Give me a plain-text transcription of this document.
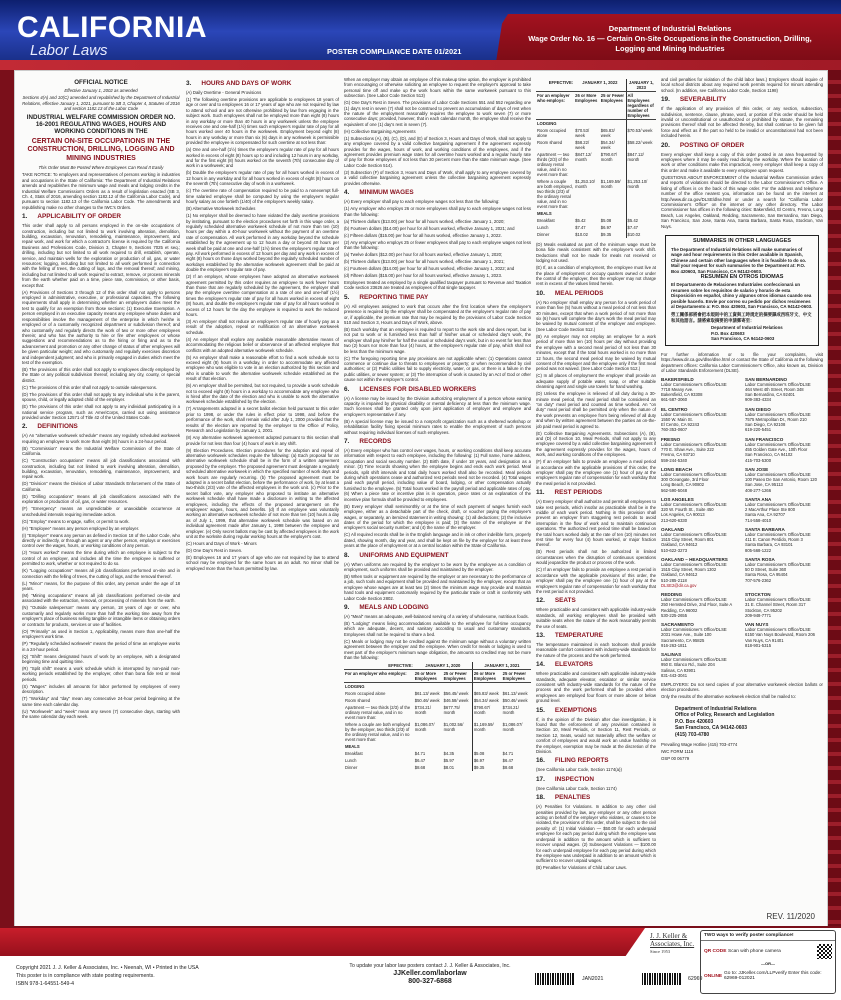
CALIFORNIA
Labor Laws	POSTER COMPLIANCE DATE 01/2021
Department of Industrial Relations
Wage Order No. 16 — Certain On-Site Occupations in the Construction, Drilling, Logging and Mining Industries
OFFICIAL NOTICE

Effective January 1, 2002 as amended

Sections 4(A) and 10(C) amended and republished by the Department of Industrial Relations, effective January 1, 2021, pursuant to SB 3, Chapter 4, Statutes of 2016 and section 1182.13 of the Labor Code

INDUSTRIAL WELFARE COMMISSION ORDER NO. 16-2001 REGULATING WAGES, HOURS AND WORKING CONDITIONS IN THE
CERTAIN ON-SITE OCCUPATIONS IN THE CONSTRUCTION, DRILLING, LOGGING AND MINING INDUSTRIES

This Order Must Be Posted Where Employees Can Read It Easily

TAKE NOTICE: To employers and representatives of persons working in industries and occupations in the State of California: The Department of Industrial Relations amends and republishes the minimum wage and meals and lodging credits in the Industrial Welfare Commission's Orders as a result of legislation enacted (SB 3, Ch. 4, Stats of 2016, amending section 1182.12 of the California Labor Code), and pursuant to section 1182.13 of the California Labor Code. The amendments and republishing make no other changes to the IWC's Orders.

1. APPLICABILITY OF ORDER

This order shall apply to all persons employed in the on-site occupations of construction, including but not limited to work involving alteration, demolition, building, excavation, renovation, remodeling, maintenance, improvement, and repair work, and work for which a contractor's license is required by the California Business and Professions Code, Division 3, Chapter 9, Sections 7025 et seq.; drilling, including but not limited to all work required to drill, establish, operate, service, and maintain wells for the exploration or production of oil, gas, or water resources; logging, including but not limited to all work performed in connection with the felling of trees, the cutting of logs, and the removal thereof; and mining, including but not limited to all work required to extract, remove, or process minerals from the earth whether paid on a time, piece rate, commission, or other basis, except that:

(A) Provisions of Sections 3 through 12 of this order shall not apply to persons employed in administrative, executive, or professional capacities. The following requirements shall apply in determining whether an employee's duties meet the test to qualify for an exemption from those sections: (1) Executive Exemption. A person employed in an executive capacity means any employee whose duties and responsibilities involve the management of the enterprise in which he/she is employed or of a customarily recognized department or subdivision thereof; and who customarily and regularly directs the work of two or more other employees therein; and who has the authority to hire or fire other employees or whose suggestions and recommendations as to the hiring or firing and as to the advancement and promotion or any other change of status of other employees will be given particular weight; and who customarily and regularly exercises discretion and independent judgment; and who is primarily engaged in duties which meet the test of the exemption.

(B) The provisions of this order shall not apply to employees directly employed by the State or any political subdivision thereof, including any city, county, or special district.

(C) The provisions of this order shall not apply to outside salespersons.

(D) The provisions of this order shall not apply to any individual who is the parent, spouse, child, or legally adopted child of the employer.

(E) The provisions of this order shall not apply to any individual participating in a national service program, such as AmeriCorps, carried out using assistance provided under Section 12571 of Title 42 of the United States Code.

2. DEFINITIONS

(A) An "alternative workweek schedule" means any regularly scheduled workweek requiring an employee to work more than eight (8) hours in a 24-hour period.

(B) "Commission" means the Industrial Welfare Commission of the State of California.

(C) "Construction occupations" means all job classifications associated with construction, including but not limited to work involving alteration, demolition, building, excavation, renovation, remodeling, maintenance, improvement, and repair work.

(D) "Division" means the Division of Labor Standards Enforcement of the State of California.

(E) "Drilling occupations" means all job classifications associated with the exploration or production of oil, gas, or water resources.

(F) "Emergency" means an unpredictable or unavoidable occurrence at unscheduled intervals requiring immediate action.

(G) "Employ" means to engage, suffer, or permit to work.

(H) "Employee" means any person employed by an employer.

(I) "Employer" means any person as defined in Section 18 of the Labor Code, who directly or indirectly, or through an agent or any other person, employs or exercises control over the wages, hours, or working conditions of any person.

(J) "Hours worked" means the time during which an employee is subject to the control of an employer, and includes all the time the employee is suffered or permitted to work, whether or not required to do so.

(K) "Logging occupations" means all job classifications performed on-site and in connection with the felling of trees, the cutting of logs, and the removal thereof.

(L) "Minor" means, for the purpose of this order, any person under the age of 18 years.

(M) "Mining occupations" means all job classifications performed on-site and associated with the extraction, removal, or processing of minerals from the earth.

(N) "Outside salesperson" means any person, 18 years of age or over, who customarily and regularly works more than half the working time away from the employer's place of business selling tangible or intangible items or obtaining orders or contracts for products, services or use of facilities.

(O) "Primarily" as used in Section 1, Applicability, means more than one-half the employee's work time.

(P) "Regularly scheduled workweek" means the period of time an employee works in a 24-hour period.

(Q) "Shift" means designated hours of work by an employee, with a designated beginning time and quitting time.

(R) "Split shift" means a work schedule which is interrupted by non-paid non-working periods established by the employer, other than bona fide rest or meal periods.

(S) "Wages" includes all amounts for labor performed by employees of every description.

(T) "Workday" and "day" mean any consecutive 24-hour period beginning at the same time each calendar day.

(U) "Workweek" and "week" mean any seven (7) consecutive days, starting with the same calendar day each week.

3. HOURS AND DAYS OF WORK

(A) Daily Overtime - General Provisions

(1) The following overtime provisions are applicable to employees 18 years of age or over and to employees 16 or 17 years of age who are not required by law to attend school and are not otherwise prohibited by law from engaging in the subject work. Such employees shall not be employed more than eight (8) hours in any workday or more than 40 hours in any workweek unless the employee receives one and one-half (1½) times such employee's regular rate of pay for all hours worked over 40 hours in the workweek. Employment beyond eight (8) hours in any workday or more than six (6) days in any workweek is permissible provided the employee is compensated for such overtime at not less than:

(a) One and one-half (1½) times the employee's regular rate of pay for all hours worked in excess of eight (8) hours up to and including 12 hours in any workday, and for the first eight (8) hours worked on the seventh (7th) consecutive day of work in a workweek; and

(b) Double the employee's regular rate of pay for all hours worked in excess of 12 hours in any workday and for all hours worked in excess of eight (8) hours on the seventh (7th) consecutive day of work in a workweek.

(c) The overtime rate of compensation required to be paid to a nonexempt full-time salaried employee shall be computed by using the employee's regular hourly salary as one fortieth (1/40) of the employee's weekly salary.

(B) Alternative Workweek Schedules

(1) No employer shall be deemed to have violated the daily overtime provisions by instituting, pursuant to the election procedures set forth in this wage order, a regularly scheduled alternative workweek schedule of not more than ten (10) hours per day within a 40-hour workweek without the payment of an overtime rate of compensation. All work performed in any workday beyond the schedule established by the agreement up to 12 hours a day or beyond 40 hours per week shall be paid at one and one-half (1½) times the employee's regular rate of pay. All work performed in excess of 12 hours per day and any work in excess of eight (8) hours on those days worked beyond the regularly scheduled number of workdays established by the alternative workweek agreement shall be paid at double the employee's regular rate of pay.

(2) If an employer, whose employees have adopted an alternative workweek agreement permitted by this order requires an employee to work fewer hours than those that are regularly scheduled by the agreement, the employer shall pay the employee overtime compensation at a rate of one and one-half (1½) times the employee's regular rate of pay for all hours worked in excess of eight (8) hours, and double the employee's regular rate of pay for all hours worked in excess of 12 hours for the day the employee is required to work the reduced hours.

(3) An employer shall not reduce an employee's regular rate of hourly pay as a result of the adoption, repeal or nullification of an alternative workweek schedule.

(4) An employer shall explore any available reasonable alternative means of accommodating the religious belief or observance of an affected employee that conflicts with an adopted alternative workweek schedule.

(5) An employer shall make a reasonable effort to find a work schedule not to exceed eight (8) hours in a workday, in order to accommodate any affected employee who was eligible to vote in an election authorized by this section and who is unable to work the alternative workweek schedule established as the result of that election.

(6) An employer shall be permitted, but not required, to provide a work schedule not to exceed eight (8) hours in a workday to accommodate any employee who is hired after the date of the election and who is unable to work the alternative workweek schedule established by the election.

(7) Arrangements adopted in a secret ballot election held pursuant to this order prior to 1998, or under the rules in effect prior to 1998, and before the performance of the work, shall remain valid after July 1, 2000 provided that the results of the election are reported by the employer to the Office of Policy, Research and Legislation by January 1, 2001.

(8) Any alternative workweek agreement adopted pursuant to this section shall provide for not less than four (4) hours of work in any shift.

(9) Election Procedures. Election procedures for the adoption and repeal of alternative workweek schedules require the following: (a) Each proposal for an alternative workweek schedule shall be in the form of a written agreement proposed by the employer. The proposed agreement must designate a regularly scheduled alternative workweek in which the specified number of work days and work hours are regularly recurring. (b) The proposed agreement must be adopted in a secret ballot election, before the performance of work, by at least a two-thirds (2/3) vote of the affected employees in the work unit. (c) Prior to the secret ballot vote, any employer who proposed to institute an alternative workweek schedule shall have made a disclosure in writing to the affected employees, including the effects of the proposed arrangement on the employees' wages, hours, and benefits. (d) If an employee was voluntarily working an alternative workweek schedule of not more than ten (10) hours a day as of July 1, 1999, that alternative workweek schedule was based on an individual agreement made after January 1, 1998 between the employee and employer. (e) Only secret ballots may be cast by affected employees in the work unit at the worksite during regular working hours at the employer's cost.

(C) Hours and Days of Work - Minors

(D) One Day's Rest in Seven.

(E) Employees 16 and 17 years of age who are not required by law to attend school may be employed for the same hours as an adult. No minor shall be employed more than the hours permitted by law.

When an employer may obtain an employee of this makeup time option, the employer is prohibited from encouraging or otherwise soliciting an employee to request the employer's approval to take personal time off and make up the work hours within the same workweek pursuant to this subsection. (See Labor Code Section 513)

(G) One Day's Rest in Seven. The provisions of Labor Code Sections 551 and 552 regarding one (1) day's rest in seven (7) shall not be construed to prevent an accumulation of days of rest when the nature of the employment reasonably requires the employee to work seven (7) or more consecutive days; provided, however, that in each calendar month, the employee shall receive the equivalent of one (1) day's rest in seven (7).

(H) Collective Bargaining Agreements

(1) Subsections (A), (B), (C), (D), and (E) of Section 3, Hours and Days of Work, shall not apply to any employee covered by a valid collective bargaining agreement if the agreement expressly provides for the wages, hours of work, and working conditions of the employees, and if the agreement provides premium wage rates for all overtime hours worked and a regular hourly rate of pay for those employees of not less than 30 percent more than the state minimum wage. (See Labor Code Section 514).

(2) Subsection (F) of Section 3, Hours and Days of Work, shall apply to any employee covered by a valid collective bargaining agreement unless the collective bargaining agreement expressly provides otherwise.

4. MINIMUM WAGES

(A) Every employer shall pay to each employee wages not less than the following:

(1) Any employer who employs 26 or more employees shall pay to each employee wages not less than the following:

(a) Thirteen dollars ($13.00) per hour for all hours worked, effective January 1, 2020;

(b) Fourteen dollars ($14.00) per hour for all hours worked, effective January 1, 2021; and

(c) Fifteen dollars ($15.00) per hour for all hours worked, effective January 1, 2022.

(2) Any employer who employs 25 or fewer employees shall pay to each employee wages not less than the following:

(a) Twelve dollars ($12.00) per hour for all hours worked, effective January 1, 2020;

(b) Thirteen dollars ($13.00) per hour for all hours worked, effective January 1, 2021;

(c) Fourteen dollars ($14.00) per hour for all hours worked, effective January 1, 2022; and

(d) Fifteen dollars ($15.00) per hour for all hours worked, effective January 1, 2023.

Employees treated as employed by a single qualified taxpayer pursuant to Revenue and Taxation Code section 23626 are treated as employees of that single taxpayer.

5. REPORTING TIME PAY

(A) All employees assigned to work that occurs after the first location where the employee's presence is required by the employer shall be compensated at the employee's regular rate of pay or, if applicable, the premium rate that may be required by the provisions of Labor Code Section 510 and Section 3, Hours and Days of Work, above.

(B) Each workday that an employee is required to report to the work site and does report, but is not put to work or is furnished less than half of his/her usual or scheduled day's work, the employer shall pay him/her for half the usual or scheduled day's work, but in no event for less than two (2) hours nor more than four (4) hours, at the employee's regular rate of pay, which shall not be less than the minimum wage.

(C) The foregoing reporting time pay provisions are not applicable when: (1) Operations cannot commence or continue due to threats to employees or property; or when recommended by civil authorities; or (2) Public utilities fail to supply electricity, water, or gas, or there is a failure in the public utilities, or sewer system; or (3) The interruption of work is caused by an Act of God or other cause not within the employer's control.

6. LICENSES FOR DISABLED WORKERS

(A) A license may be issued by the Division authorizing employment of a person whose earning capacity is impaired by physical disability or mental deficiency at less than the minimum wage. Such licenses shall be granted only upon joint application of employer and employee and employee's representative if any.

(B) A special license may be issued to a nonprofit organization such as a sheltered workshop or rehabilitation facility fixing special minimum rates to enable the employment of such persons without requiring individual licenses of such employees.

7. RECORDS

(A) Every employer who has control over wages, hours, or working conditions shall keep accurate information with respect to each employee, including the following: (1) Full name, home address, occupation and social security number. (2) Birth date, if under 18 years, and designation as a minor. (3) Time records showing when the employee begins and ends each work period. Meal periods, split shift intervals and total daily hours worked shall also be recorded. Meal periods during which operations cease and authorized rest periods need not be recorded. (4) Total wages paid each payroll period, including value of board, lodging, or other compensation actually furnished to the employee. (5) Total hours worked in the payroll period and applicable rates of pay. (6) When a piece rate or incentive plan is in operation, piece rates or an explanation of the incentive plan formula shall be provided to employees.

(B) Every employer shall semimonthly or at the time of each payment of wages furnish each employee, either as a detachable part of the check, draft, or voucher paying the employee's wages, or separately, an itemized statement in writing showing: (1) all deductions; (2) the inclusive dates of the period for which the employee is paid; (3) the name of the employee or the employee's social security number; and (4) the name of the employer.

(C) All required records shall be in the English language and in ink or other indelible form, properly dated, showing month, day and year, and shall be kept on file by the employer for at least three years at the place of employment or at a central location within the State of California.

8. UNIFORMS AND EQUIPMENT

(A) When uniforms are required by the employer to be worn by the employee as a condition of employment, such uniforms shall be provided and maintained by the employer.

(B) When tools or equipment are required by the employer or are necessary to the performance of a job, such tools and equipment shall be provided and maintained by the employer, except that an employee whose wages are at least two (2) times the minimum wage may provide and maintain hand tools and equipment customarily required by the particular trade or craft in conformity with Labor Code Section 2802.

9. MEALS AND LODGING

(A) "Meal" means an adequate, well-balanced serving of a variety of wholesome, nutritious foods.

(B) "Lodging" means living accommodations available to the employee for full-time occupancy which are adequate, decent, and sanitary according to usual and customary standards. Employees shall not be required to share a bed.

(C) Meals or lodging may not be credited against the minimum wage without a voluntary written agreement between the employer and the employee. When credit for meals or lodging is used to meet part of the employer's minimum wage obligation, the amounts so credited may not be more than the following:

EFFECTIVE:	JANUARY 1, 2020		JANUARY 1, 2021	
For an employer who employs:	26 or More Employees	25 or Fewer Employees	26 or More Employees	25 or Fewer Employees
LODGING				
Room occupied alone	$61.13/ week	$56.45/ week	$65.83/ week	$61.13/ week
Room shared	$50.46/ week	$46.58/ week	$54.34/ week	$50.46/ week
Apartment — two thirds (2/3) of the ordinary rental value, and in no event more than:	$734.21/ month	$677.75/ month	$790.67/ month	$734.21/ month
Where a couple are both employed by the employer, two thirds (2/3) of the ordinary rental value, and in no event more than:	$1,086.07/ month	$1,002.56/ month	$1,169.59/ month	$1,086.07/ month
MEALS				
Breakfast	$4.71	$4.35	$5.08	$4.71
Lunch	$6.47	$5.97	$6.97	$6.47
Dinner	$8.68	$8.01	$9.35	$8.68
EFFECTIVE:	JANUARY 1, 2022		JANUARY 1, 2023
For an employer who employs:	26 or More Employees	25 or Fewer Employees	All Employees regardless of number of Employees
LODGING			
Room occupied alone	$70.53/ week	$65.83/ week	$70.53/ week
Room shared	$58.22/ week	$54.34/ week	$58.22/ week
Apartment — two thirds (2/3) of the ordinary rental value, and in no event more than:	$847.12/ month	$790.67/ month	$847.12/ month
Where a couple are both employed, two thirds (2/3) of the ordinary rental value, and in no event more than:	$1,253.10/ month	$1,169.59/ month	$1,253.10/ month
MEALS			
Breakfast	$5.42	$5.08	$5.42
Lunch	$7.47	$6.97	$7.47
Dinner	$10.02	$9.35	$10.02

(D) Meals evaluated as part of the minimum wage must be bona fide meals consistent with the employee's work shift. Deductions shall not be made for meals not received or lodging not used.

(E) If, as a condition of employment, the employee must live at the place of employment or occupy quarters owned or under the control of the employer, then the employer may not charge rent in excess of the values listed herein.

10. MEAL PERIODS

(A) No employer shall employ any person for a work period of more than five (5) hours without a meal period of not less than 30 minutes, except that when a work period of not more than six (6) hours will complete the day's work the meal period may be waived by mutual consent of the employer and employee. (See Labor Code Section 512.)

(B) An employer may not employ an employee for a work period of more than ten (10) hours per day without providing the employee with a second meal period of not less than 30 minutes, except that if the total hours worked is no more than 12 hours, the second meal period may be waived by mutual consent of the employer and the employee only if the first meal period was not waived. (See Labor Code Section 512.)

(C) In all places of employment the employer shall provide an adequate supply of potable water, soap, or other suitable cleansing agent and single use towels for hand washing.

(D) Unless the employee is relieved of all duty during a 30-minute meal period, the meal period shall be considered an "on duty" meal period and counted as time worked. An "on duty" meal period shall be permitted only when the nature of the work prevents an employee from being relieved of all duty and when by written agreement between the parties an on-the-job paid meal period is agreed to.

(E) Collective Bargaining Agreements. Subsections (A), (B), and (D) of Section 10, Meal Periods, shall not apply to any employee covered by a valid collective bargaining agreement if the agreement expressly provides for the wages, hours of work, and working conditions of the employees.

(F) If an employer fails to provide an employee a meal period in accordance with the applicable provisions of this order, the employer shall pay the employee one (1) hour of pay at the employee's regular rate of compensation for each workday that the meal period is not provided.

11. REST PERIODS

(A) Every employer shall authorize and permit all employees to take rest periods, which insofar as practicable shall be in the middle of each work period. Nothing in this provision shall prevent an employer from staggering rest periods to avoid interruption in the flow of work and to maintain continuous operations. The authorized rest period time shall be based on the total hours worked daily at the rate of ten (10) minutes net rest time for every four (4) hours worked, or major fraction thereof.

(B) Rest periods shall not be authorized in limited circumstances when the disruption of continuous operations would jeopardize the product or process of the work.

(C) If an employer fails to provide an employee a rest period in accordance with the applicable provisions of this order, the employer shall pay the employee one (1) hour of pay at the employee's regular rate of compensation for each workday that the rest period is not provided.

12. SEATS

Where practicable and consistent with applicable industry-wide standards, all working employees shall be provided with suitable seats when the nature of the work reasonably permits the use of seats.

13. TEMPERATURE

The temperature maintained in each toolroom shall provide reasonable comfort consistent with industry-wide standards for the nature of the process and the work performed.

14. ELEVATORS

Where practicable and consistent with applicable industry-wide standards, adequate elevator, escalator or similar service consistent with industry-wide standards for the nature of the process and the work performed shall be provided when employees are employed four floors or more above or below ground level.

15. EXEMPTIONS

If, in the opinion of the Division after due investigation, it is found that the enforcement of any provision contained in Section 10, Meal Periods, or Section 11, Rest Periods, or Section 12, Seats, would not materially affect the welfare or comfort of employees and would work an undue hardship on the employer, exemption may be made at the discretion of the Division.

16. FILING REPORTS

(See California Labor Code, Section 1174(a))

17. INSPECTION

(See California Labor Code, Section 1174)

18. PENALTIES

(A) Penalties for Violations. In addition to any other civil penalties provided by law, any employer or any other person acting on behalf of the employer who violates, or causes to be violated, the provisions of this order, shall be subject to the civil penalty of: (1) Initial Violation — $50.00 for each underpaid employee for each pay period during which the employee was underpaid in addition to the amount which is sufficient to recover unpaid wages. (2) Subsequent Violations — $100.00 for each underpaid employee for each pay period during which the employee was underpaid in addition to an amount which is sufficient to recover unpaid wages.

(B) Penalties for Violations of Child Labor Laws.

and civil penalties for violation of the child labor laws.) Employers should inquire of local school districts about any required work permits required for minors attending school. (In addition, see California Labor Code, Section 1198)

19. SEVERABILITY

If the application of any provision of this order, or any section, subsection, subdivision, sentence, clause, phrase, word, or portion of this order should be held invalid or unconstitutional or unauthorized or prohibited by statute, the remaining provisions thereof shall not be affected thereby, but shall continue to be given full force and effect as if the part so held to be invalid or unconstitutional had not been included herein.

20. POSTING OF ORDER

Every employer shall keep a copy of this order posted in an area frequented by employees where it may be easily read during the workday. Where the location of work or other conditions make this impractical, every employer shall keep a copy of this order and make it available to every employee upon request.

QUESTIONS ABOUT ENFORCEMENT of the Industrial Welfare Commission orders and reports of violations should be directed to the Labor Commissioner's Office. A listing of offices is on the back of this wage order. For the address and telephone number of the office nearest you, information can be found on the internet at http://www.dir.ca.gov/DLSE/dlse.html or under a search for "California Labor Commissioner's Office" on the internet or any other directory. The Labor Commissioner has offices in the following cities: Bakersfield, El Centro, Fresno, Long Beach, Los Angeles, Oakland, Redding, Sacramento, San Bernardino, San Diego, San Francisco, San Jose, Santa Ana, Santa Barbara, Santa Rosa, Stockton, Van Nuys.

SUMMARIES IN OTHER LANGUAGES
The Department of Industrial Relations will make summaries of wage and hour requirements in this Order available in Spanish, Chinese and certain other languages when it is feasible to do so. Mail your request for such summaries to the Department at: P.O. Box 420603, San Francisco, CA 94142-0603.
RESUMEN EN OTROS IDIOMAS
El Departamento de Relaciones Industriales confeccionará un resumen sobre los requisitos de salario y horario de esta Disposición en español, chino y algunos otros idiomas cuando sea posible hacerlo. Envíe por correo su pedido por dichos resúmenes al Departamento a: P.O. Box 420603, San Francisco, CA 94142-0603.
勞工關係部將會把本規則中的工資與工時規定的摘要譯成西班牙文、中文和其他語言。請將索取摘要的申請郵寄至：
Department of Industrial Relations
P.O. Box 420603
San Francisco, CA 94142-0603

For further information or to file your complaints, visit https://www.dir.ca.gov/dlse/dlse.html or contact the State of California at the following department offices: California Labor Commissioner's Office, also known as, Division of Labor Standards Enforcement (DLSE).

BAKERSFIELD
Labor Commissioner's Office/DLSE
7718 Meany Ave.
Bakersfield, CA 93308
661-587-3060
SAN BERNARDINO
Labor Commissioner's Office/DLSE
464 West 4th Street, Room 348
San Bernardino, CA 92401
909-383-4334
EL CENTRO
Labor Commissioner's Office/DLSE
1550 W. Main St.
El Centro, CA 92243
760-353-0607
SAN DIEGO
Labor Commissioner's Office/DLSE
7575 Metropolitan Dr., Room 210
San Diego, CA 92108
619-220-5451
FRESNO
Labor Commissioner's Office/DLSE
770 E. Shaw Ave., Suite 222
Fresno, CA 93710
559-244-5340
SAN FRANCISCO
Labor Commissioner's Office/DLSE
455 Golden Gate Ave., 10th Floor
San Francisco, CA 94102
415-703-5300
LONG BEACH
Labor Commissioner's Office/DLSE
300 Oceangate, 3rd Floor
Long Beach, CA 90802
562-590-5048
SAN JOSE
Labor Commissioner's Office/DLSE
100 Paseo De San Antonio, Room 120
San Jose, CA 95113
408-277-1266
LOS ANGELES
Labor Commissioner's Office/DLSE
320 W. Fourth St., Suite 450
Los Angeles, CA 90013
213-620-6330
SANTA ANA
Labor Commissioner's Office/DLSE
2 MacArthur Place Ste 800
Santa Ana, CA 92707
714-558-4010
OAKLAND
Labor Commissioner's Office/DLSE
1515 Clay Street, Room 801
Oakland, CA 94612
510-622-3273
SANTA BARBARA
Labor Commissioner's Office/DLSE
411 E. Canon Perdido, Room 3
Santa Barbara, CA 93101
805-568-1222
OAKLAND – HEADQUARTERS
Labor Commissioner's Office/DLSE
1515 Clay Street, Room 1302
Oakland, CA 94612
510-285-2118
DLSE2@dir.ca.gov
SANTA ROSA
Labor Commissioner's Office/DLSE
50 D Street, Suite 360
Santa Rosa, CA 95404
707-576-2362
REDDING
Labor Commissioner's Office/DLSE
250 Hemsted Drive, 2nd Floor, Suite A
Redding, CA 96002
530-225-2655
STOCKTON
Labor Commissioner's Office/DLSE
31 E. Channel Street, Room 317
Stockton, CA 95202
209-948-7771
SACRAMENTO
Labor Commissioner's Office/DLSE
2031 Howe Ave., Suite 100
Sacramento, CA 95825
916-263-1811
VAN NUYS
Labor Commissioner's Office/DLSE
6150 Van Nuys Boulevard, Room 206
Van Nuys, CA 91401
818-901-5315
SALINAS
Labor Commissioner's Office/DLSE
950 E. Blanco Rd., Suite 204
Salinas, CA 93901
831-443-3041

EMPLOYERS: Do not send copies of your alternative workweek election ballots or election procedures.

Only the results of the alternative workweek election shall be mailed to:

Department of Industrial Relations
Office of Policy, Research and Legislation
P.O. Box 420603
San Francisco, CA 94142-0603
(415) 703-4780

Prevailing Wage Hotline (415) 703-4774

IWC FORM 1116

OSP 00 06779

REV. 11/2020
Copyright 2021 J. J. Keller & Associates, Inc. • Neenah, WI • Printed in the USA
This poster is in compliance with state posting requirements.
ISBN 978-1-64551-549-4
To update your labor law posters contact J. J. Keller & Associates, Inc.
JJKeller.com/laborlaw
800-327-6868	JAN2021	62969
J. J. Keller & Associates, Inc.
Since 1953
TWO ways to verify poster compliance!
QR CODE Scan with phone camera
—OR—
ONLINE Go to: JJKeller.com/LLPverify Enter this code: 62969-012021
